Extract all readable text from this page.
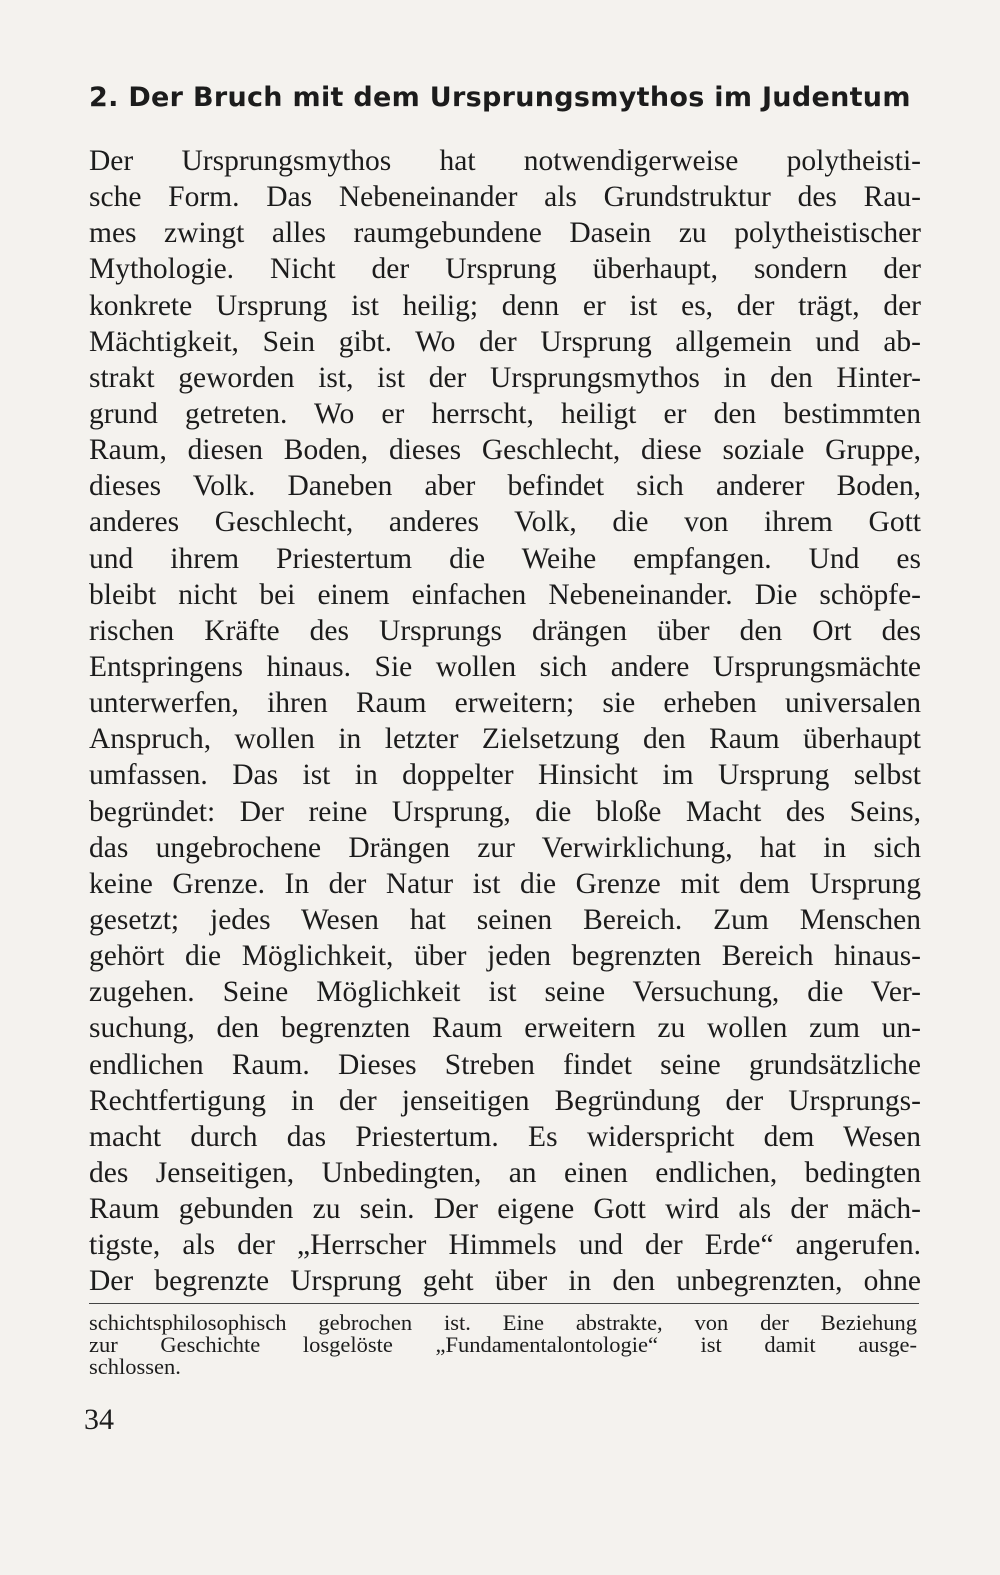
2. Der Bruch mit dem Ursprungsmythos im Judentum
Der Ursprungsmythos hat notwendigerweise polytheisti-
sche Form. Das Nebeneinander als Grundstruktur des Rau-
mes zwingt alles raumgebundene Dasein zu polytheistischer
Mythologie. Nicht der Ursprung überhaupt, sondern der
konkrete Ursprung ist heilig; denn er ist es, der trägt, der
Mächtigkeit, Sein gibt. Wo der Ursprung allgemein und ab-
strakt geworden ist, ist der Ursprungsmythos in den Hinter-
grund getreten. Wo er herrscht, heiligt er den bestimmten
Raum, diesen Boden, dieses Geschlecht, diese soziale Gruppe,
dieses Volk. Daneben aber befindet sich anderer Boden,
anderes Geschlecht, anderes Volk, die von ihrem Gott
und ihrem Priestertum die Weihe empfangen. Und es
bleibt nicht bei einem einfachen Nebeneinander. Die schöpfe-
rischen Kräfte des Ursprungs drängen über den Ort des
Entspringens hinaus. Sie wollen sich andere Ursprungsmächte
unterwerfen, ihren Raum erweitern; sie erheben universalen
Anspruch, wollen in letzter Zielsetzung den Raum überhaupt
umfassen. Das ist in doppelter Hinsicht im Ursprung selbst
begründet: Der reine Ursprung, die bloße Macht des Seins,
das ungebrochene Drängen zur Verwirklichung, hat in sich
keine Grenze. In der Natur ist die Grenze mit dem Ursprung
gesetzt; jedes Wesen hat seinen Bereich. Zum Menschen
gehört die Möglichkeit, über jeden begrenzten Bereich hinaus-
zugehen. Seine Möglichkeit ist seine Versuchung, die Ver-
suchung, den begrenzten Raum erweitern zu wollen zum un-
endlichen Raum. Dieses Streben findet seine grundsätzliche
Rechtfertigung in der jenseitigen Begründung der Ursprungs-
macht durch das Priestertum. Es widerspricht dem Wesen
des Jenseitigen, Unbedingten, an einen endlichen, bedingten
Raum gebunden zu sein. Der eigene Gott wird als der mäch-
tigste, als der „Herrscher Himmels und der Erde“ angerufen.
Der begrenzte Ursprung geht über in den unbegrenzten, ohne
schichtsphilosophisch gebrochen ist. Eine abstrakte, von der Beziehung
zur Geschichte losgelöste „Fundamentalontologie“ ist damit ausge-
schlossen.
34
